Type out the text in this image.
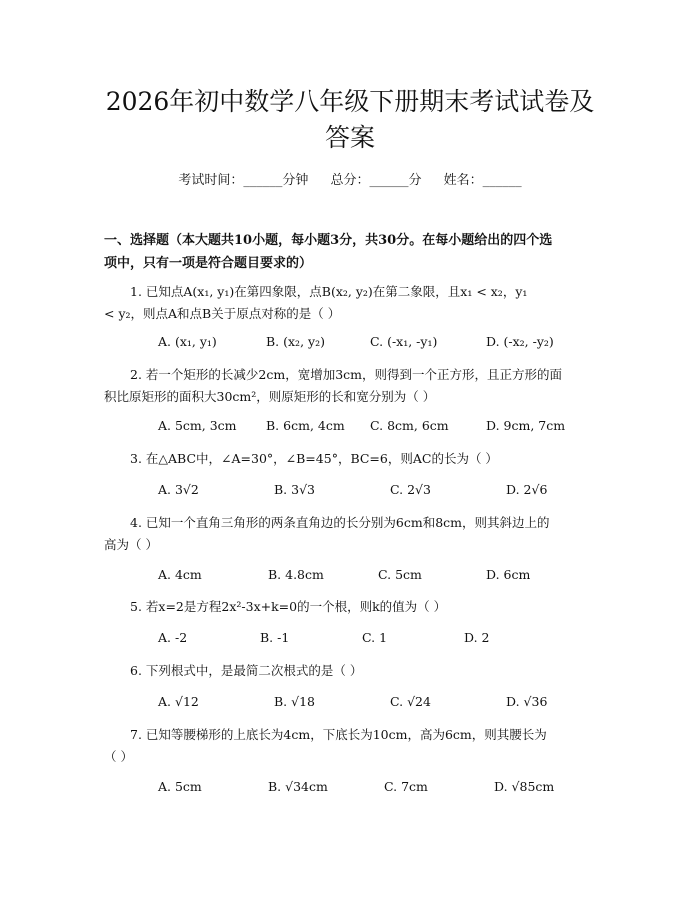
2026年初中数学八年级下册期末考试试卷及
答案
考试时间：______分钟 总分：______分 姓名：______
一、选择题（本大题共10小题，每小题3分，共30分。在每小题给出的四个选
项中，只有一项是符合题目要求的）
1. 已知点A(x₁, y₁)在第四象限，点B(x₂, y₂)在第二象限，且x₁ < x₂，y₁
< y₂，则点A和点B关于原点对称的是（ ）
A. (x₁, y₁)	B. (x₂, y₂)	C. (-x₁, -y₁)	D. (-x₂, -y₂)
2. 若一个矩形的长减少2cm，宽增加3cm，则得到一个正方形，且正方形的面
积比原矩形的面积大30cm²，则原矩形的长和宽分别为（ ）
A. 5cm, 3cm B. 6cm, 4cm C. 8cm, 6cm	D. 9cm, 7cm
3. 在△ABC中，∠A=30°，∠B=45°，BC=6，则AC的长为（ ）
A. 3√2	B. 3√3	C. 2√3	D. 2√6
4. 已知一个直角三角形的两条直角边的长分别为6cm和8cm，则其斜边上的
高为（ ）
A. 4cm	B. 4.8cm	C. 5cm	D. 6cm
5. 若x=2是方程2x²-3x+k=0的一个根，则k的值为（ ）
A. -2	B. -1	C. 1	D. 2
6. 下列根式中，是最简二次根式的是（ ）
A. √12	B. √18	C. √24	D. √36
7. 已知等腰梯形的上底长为4cm，下底长为10cm，高为6cm，则其腰长为
（ ）
A. 5cm	B. √34cm	C. 7cm	D. √85cm
